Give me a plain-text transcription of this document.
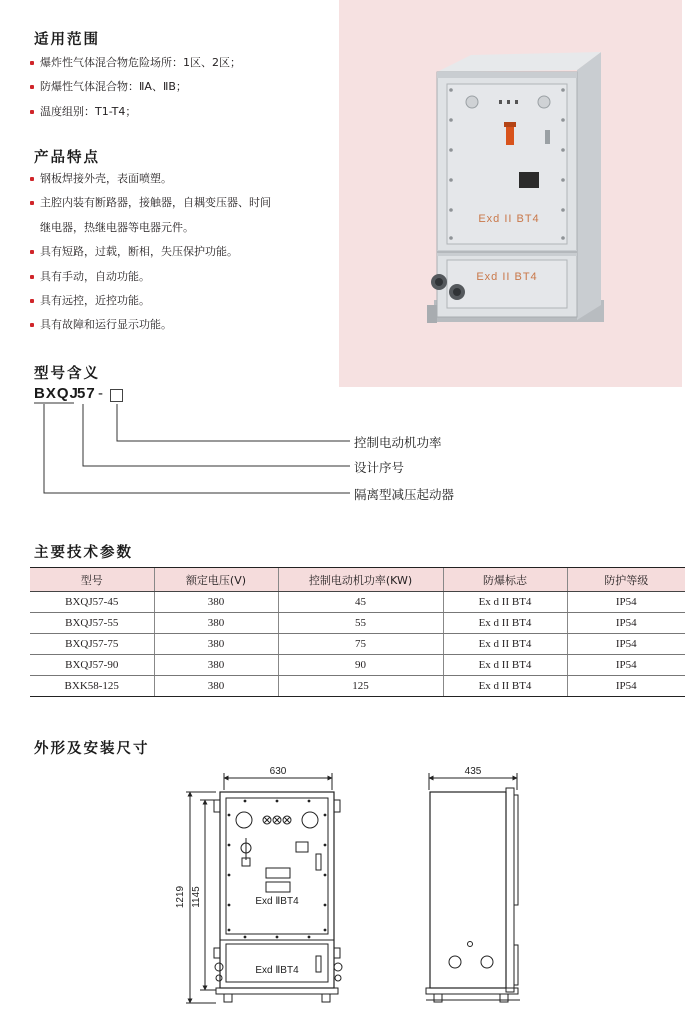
适用范围
爆炸性气体混合物危险场所：1区、2区；
防爆性气体混合物：ⅡA、ⅡB；
温度组别：T1-T4；
产品特点
钢板焊接外壳，表面喷塑。
主腔内装有断路器，接触器，自耦变压器、时间
继电器，热继电器等电器元件。
具有短路，过载，断相，失压保护功能。
具有手动，自动功能。
具有远控，近控功能。
具有故障和运行显示功能。
Exd II BT4
Exd II BT4
型号含义
BXQJ
57 -
控制电动机功率
设计序号
隔离型减压起动器
主要技术参数
型号	额定电压(V)	控制电动机功率(KW)	防爆标志	防护等级
BXQJ57-45	380	45	Ex d II BT4	IP54
BXQJ57-55	380	55	Ex d II BT4	IP54
BXQJ57-75	380	75	Ex d II BT4	IP54
BXQJ57-90	380	90	Ex d II BT4	IP54
BXK58-125	380	125	Ex d II BT4	IP54
外形及安装尺寸
630
1219 1145	Exd ⅡBT4
Exd ⅡBT4
435
